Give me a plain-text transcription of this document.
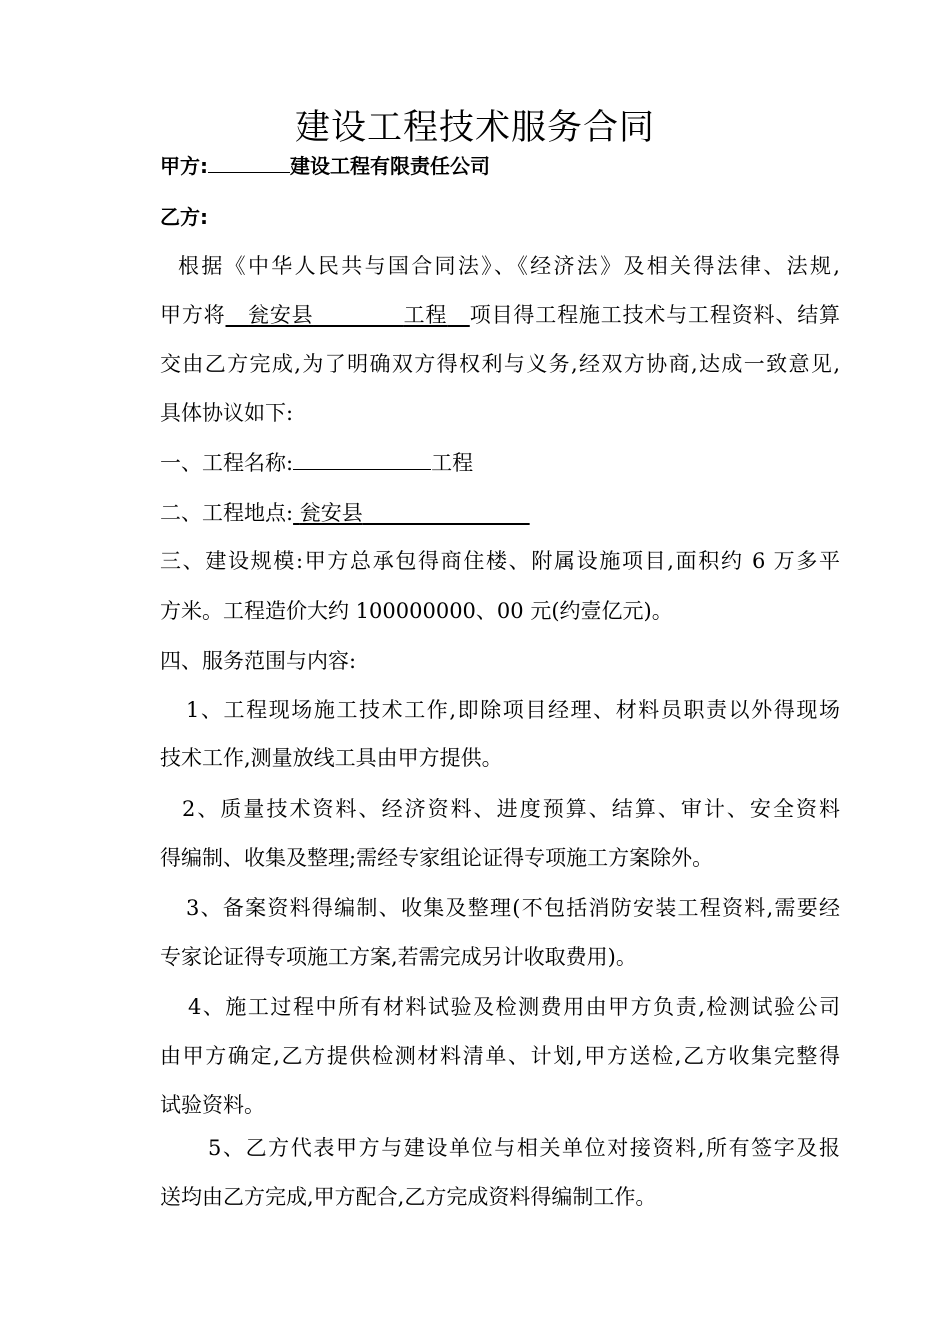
建设工程技术服务合同
甲方:	建设工程有限责任公司
乙方:
根据《中华人民共与国合同法》、《经济法》及相关得法律、法规,
甲方将 瓮安县	工程 项目得工程施工技术与工程资料、结算
交由乙方完成,为了明确双方得权利与义务,经双方协商,达成一致意见,
具体协议如下:
一、工程名称:	工程
二、工程地点: 瓮安县
三、建设规模:甲方总承包得商住楼、附属设施项目,面积约 6 万多平
方米。工程造价大约 100000000、00 元(约壹亿元)。
四、服务范围与内容:
1、工程现场施工技术工作,即除项目经理、材料员职责以外得现场
技术工作,测量放线工具由甲方提供。
2、质量技术资料、经济资料、进度预算、结算、审计、安全资料
得编制、收集及整理;需经专家组论证得专项施工方案除外。
3、备案资料得编制、收集及整理(不包括消防安装工程资料,需要经
专家论证得专项施工方案,若需完成另计收取费用)。
4、施工过程中所有材料试验及检测费用由甲方负责,检测试验公司
由甲方确定,乙方提供检测材料清单、计划,甲方送检,乙方收集完整得
试验资料。
5、乙方代表甲方与建设单位与相关单位对接资料,所有签字及报
送均由乙方完成,甲方配合,乙方完成资料得编制工作。
